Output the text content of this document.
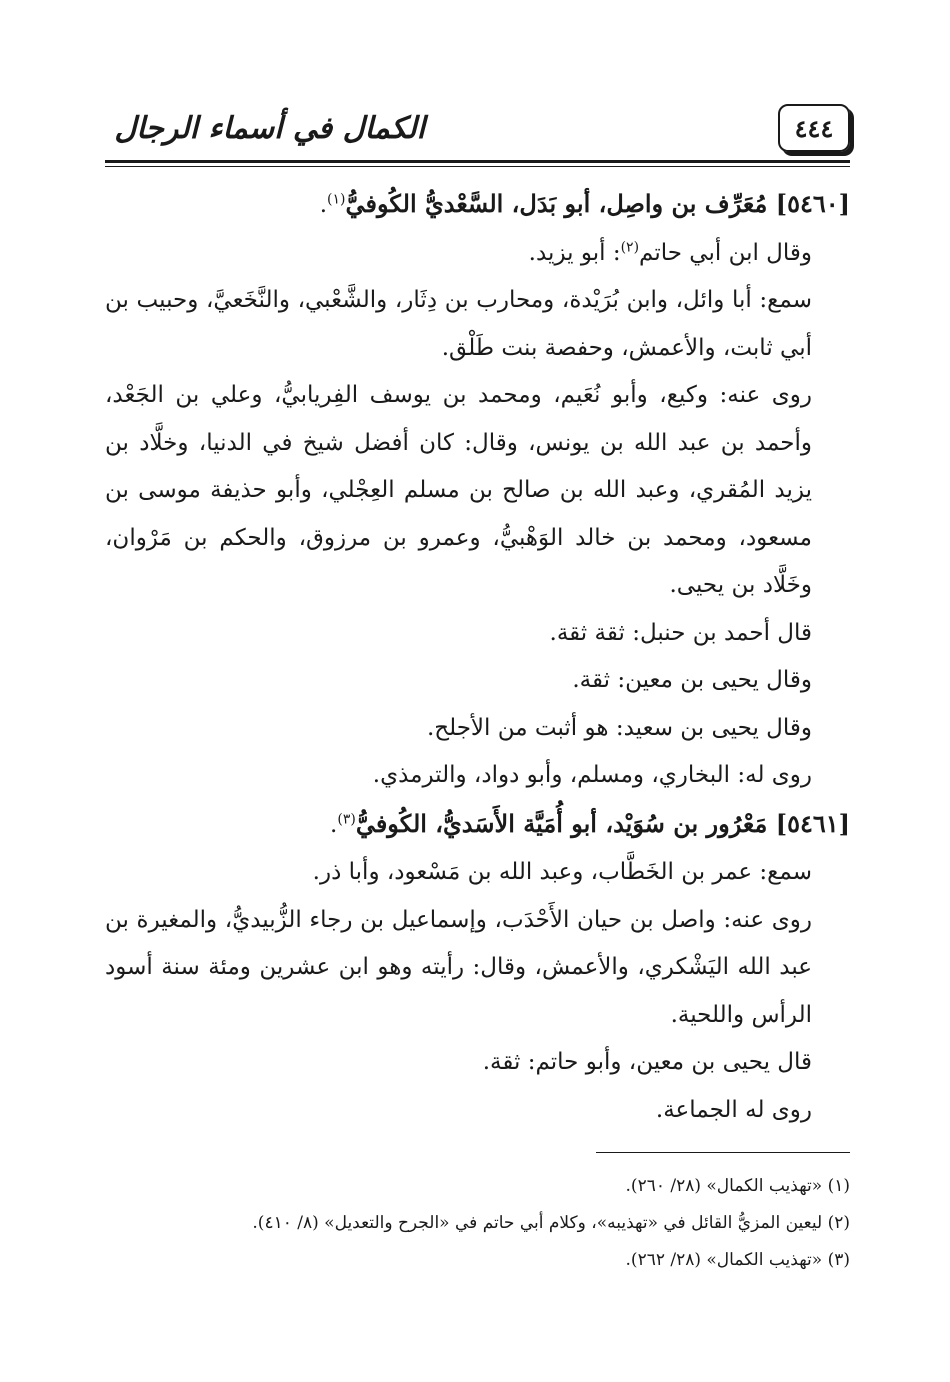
الكمال في أسماء الرجال	٤٤٤

[٥٤٦٠] مُعَرِّف بن واصِل، أبو بَدَل، السَّعْديُّ الكُوفيُّ$^{(١)}$.

وقال ابن أبي حاتم$^{(٢)}$: أبو يزيد.

سمع: أبا وائل، وابن بُرَيْدة، ومحارب بن دِثَار، والشَّعْبي، والنَّخَعيَّ، وحبيب بن أبي ثابت، والأعمش، وحفصة بنت طَلْق.

روى عنه: وكيع، وأبو نُعَيم، ومحمد بن يوسف الفِريابيُّ، وعلي بن الجَعْد، وأحمد بن عبد الله بن يونس، وقال: كان أفضل شيخ في الدنيا، وخلَّاد بن يزيد المُقري، وعبد الله بن صالح بن مسلم العِجْلي، وأبو حذيفة موسى بن مسعود، ومحمد بن خالد الوَهْبيُّ، وعمرو بن مرزوق، والحكم بن مَرْوان، وخَلَّاد بن يحيى.

قال أحمد بن حنبل: ثقة ثقة.

وقال يحيى بن معين: ثقة.

وقال يحيى بن سعيد: هو أثبت من الأجلح.

روى له: البخاري، ومسلم، وأبو دواد، والترمذي.

[٥٤٦١] مَعْرُور بن سُوَيْد، أبو أُمَيَّة الأَسَديُّ، الكُوفيُّ$^{(٣)}$.

سمع: عمر بن الخَطَّاب، وعبد الله بن مَسْعود، وأبا ذر.

روى عنه: واصل بن حيان الأَحْدَب، وإسماعيل بن رجاء الزُّبيديُّ، والمغيرة بن عبد الله اليَشْكري، والأعمش، وقال: رأيته وهو ابن عشرين ومئة سنة أسود الرأس واللحية.

قال يحيى بن معين، وأبو حاتم: ثقة.

روى له الجماعة.

(١) «تهذيب الكمال» (٢٨/ ٢٦٠).

(٢) ليعين المزيُّ القائل في «تهذيبه»، وكلام أبي حاتم في «الجرح والتعديل» (٨/ ٤١٠).

(٣) «تهذيب الكمال» (٢٨/ ٢٦٢).
